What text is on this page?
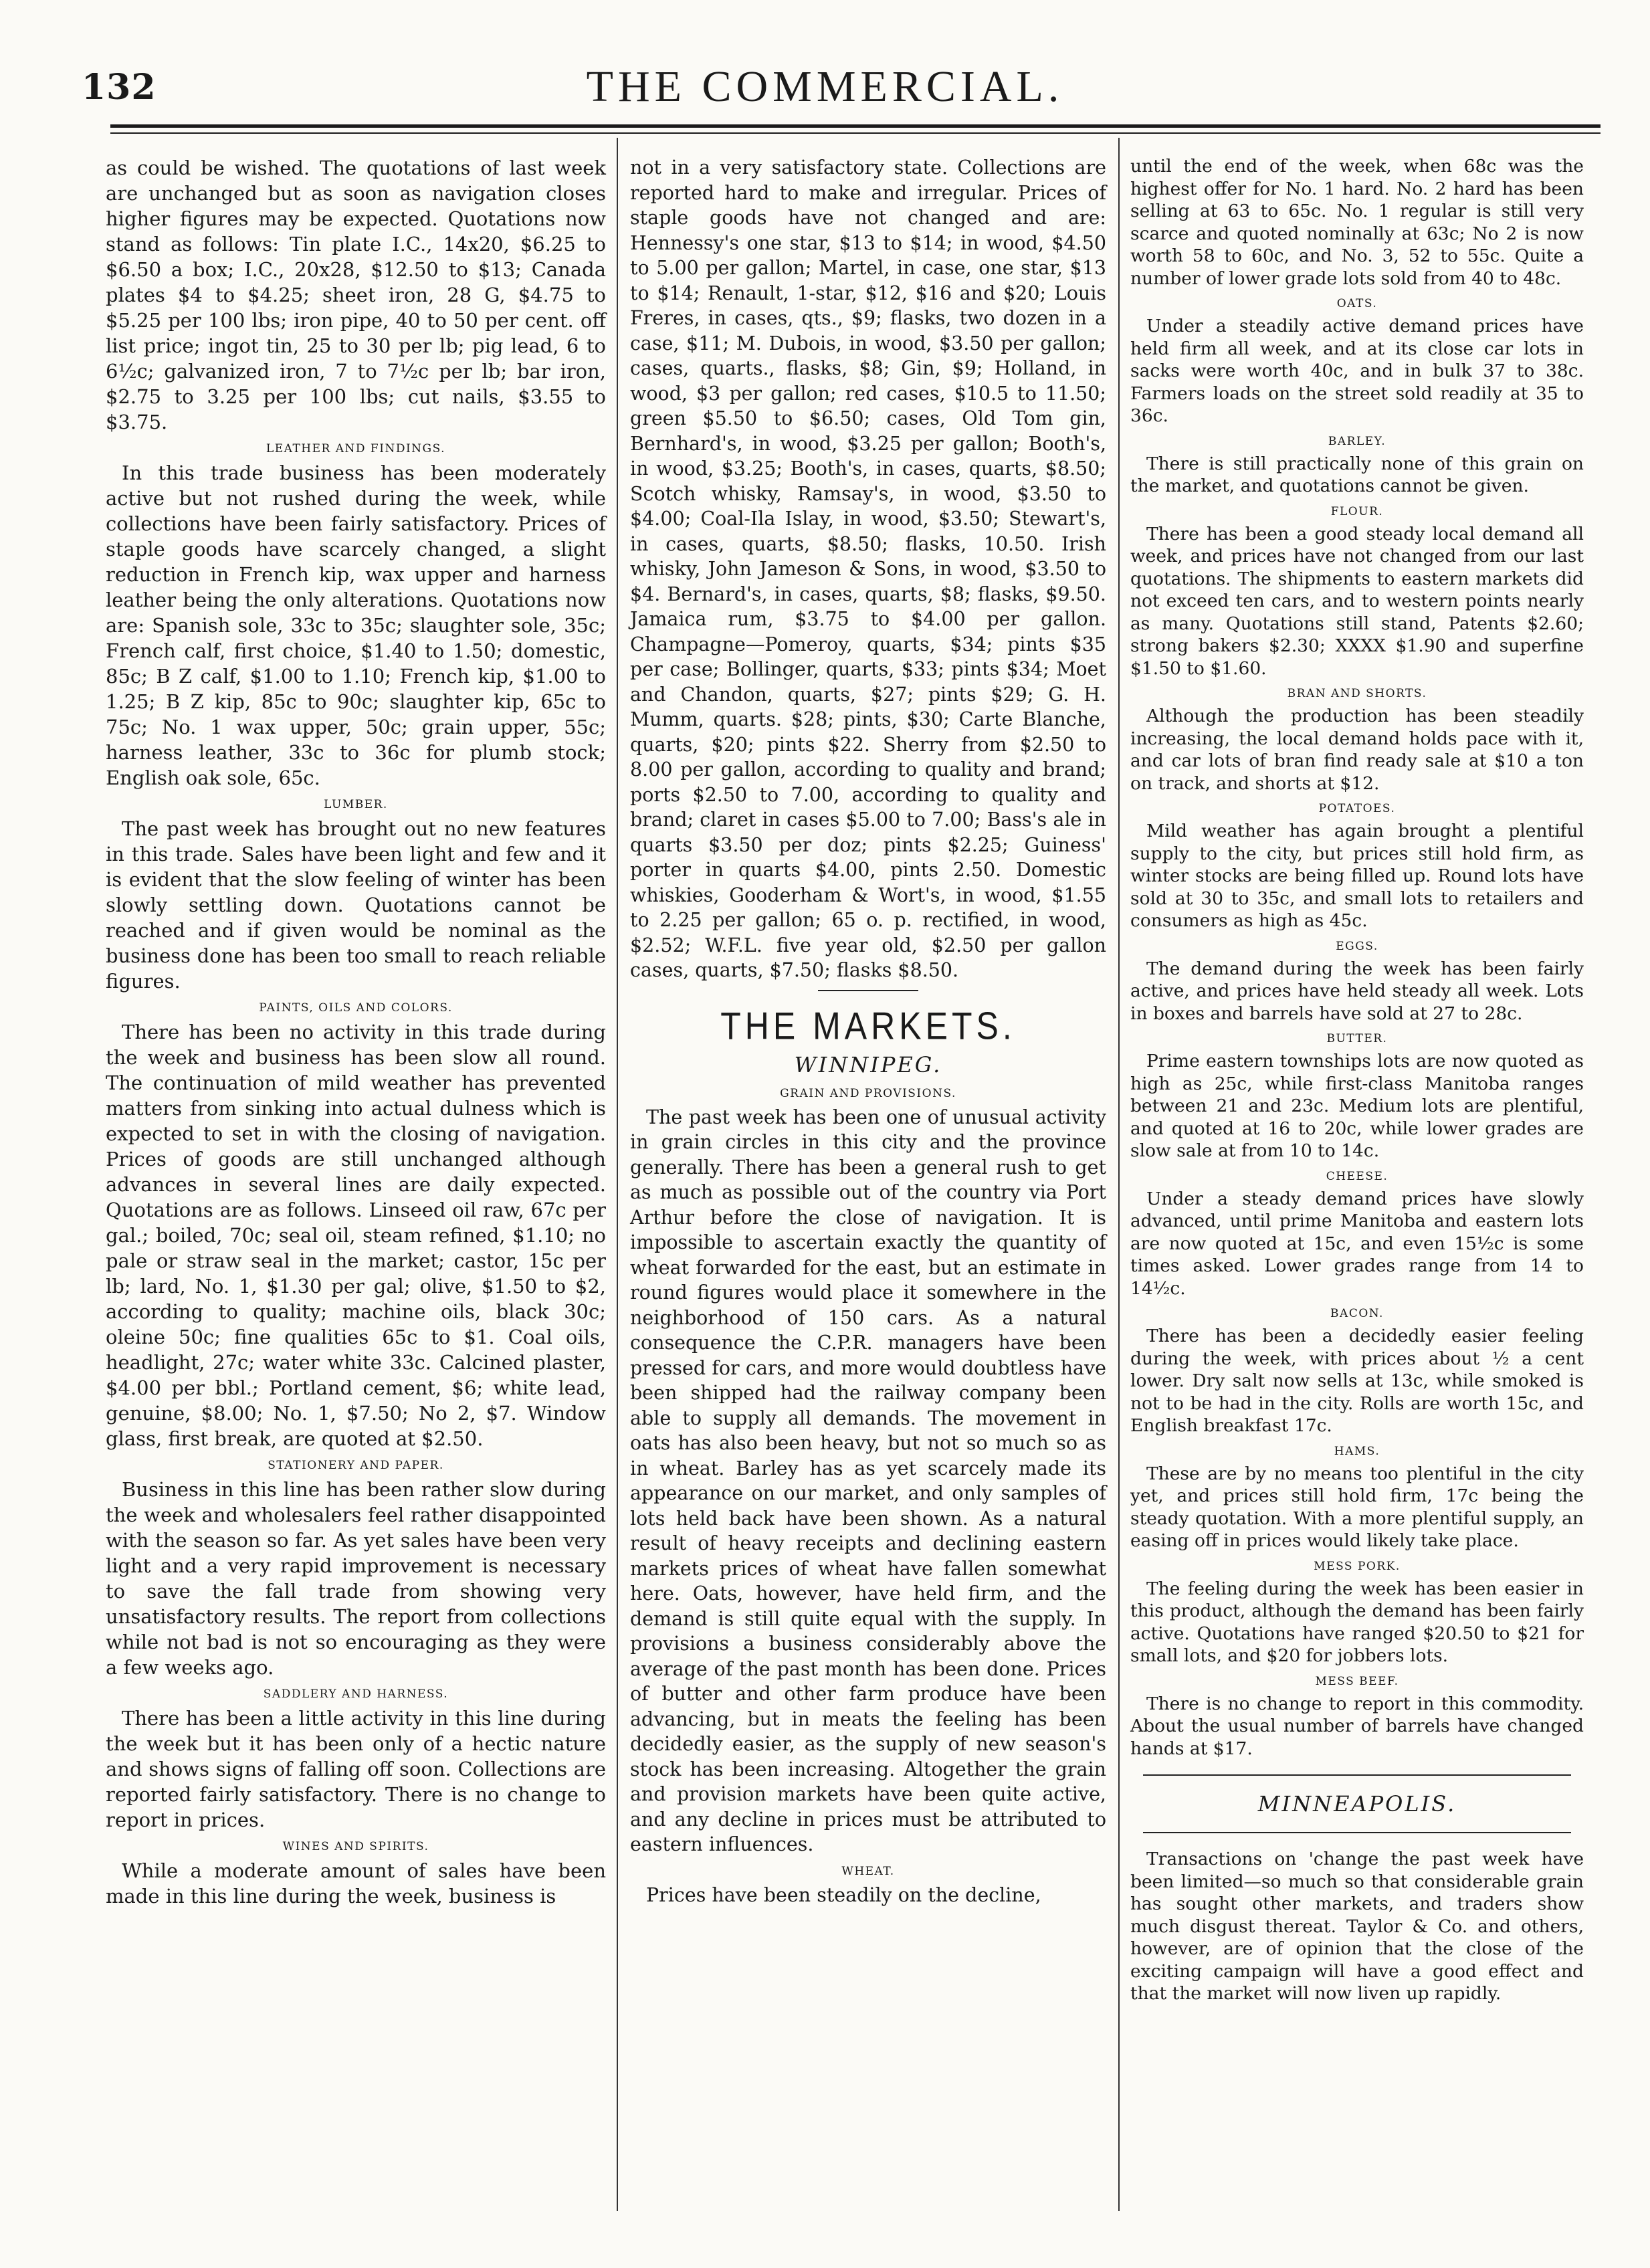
132	THE COMMERCIAL.

as could be wished. The quotations of last week are unchanged but as soon as navigation closes higher figures may be expected. Quotations now stand as follows: Tin plate I.C., 14x20, $6.25 to $6.50 a box; I.C., 20x28, $12.50 to $13; Canada plates $4 to $4.25; sheet iron, 28 G, $4.75 to $5.25 per 100 lbs; iron pipe, 40 to 50 per cent. off list price; ingot tin, 25 to 30 per lb; pig lead, 6 to 6½c; galvanized iron, 7 to 7½c per lb; bar iron, $2.75 to 3.25 per 100 lbs; cut nails, $3.55 to $3.75.

LEATHER AND FINDINGS.

In this trade business has been moderately active but not rushed during the week, while collections have been fairly satisfactory. Prices of staple goods have scarcely changed, a slight reduction in French kip, wax upper and harness leather being the only alterations. Quotations now are: Spanish sole, 33c to 35c; slaughter sole, 35c; French calf, first choice, $1.40 to 1.50; domestic, 85c; B Z calf, $1.00 to 1.10; French kip, $1.00 to 1.25; B Z kip, 85c to 90c; slaughter kip, 65c to 75c; No. 1 wax upper, 50c; grain upper, 55c; harness leather, 33c to 36c for plumb stock; English oak sole, 65c.

LUMBER.

The past week has brought out no new features in this trade. Sales have been light and few and it is evident that the slow feeling of winter has been slowly settling down. Quotations cannot be reached and if given would be nominal as the business done has been too small to reach reliable figures.

PAINTS, OILS AND COLORS.

There has been no activity in this trade during the week and business has been slow all round. The continuation of mild weather has prevented matters from sinking into actual dulness which is expected to set in with the closing of navigation. Prices of goods are still unchanged although advances in several lines are daily expected. Quotations are as follows. Linseed oil raw, 67c per gal.; boiled, 70c; seal oil, steam refined, $1.10; no pale or straw seal in the market; castor, 15c per lb; lard, No. 1, $1.30 per gal; olive, $1.50 to $2, according to quality; machine oils, black 30c; oleine 50c; fine qualities 65c to $1. Coal oils, headlight, 27c; water white 33c. Calcined plaster, $4.00 per bbl.; Portland cement, $6; white lead, genuine, $8.00; No. 1, $7.50; No 2, $7. Window glass, first break, are quoted at $2.50.

STATIONERY AND PAPER.

Business in this line has been rather slow during the week and wholesalers feel rather disappointed with the season so far. As yet sales have been very light and a very rapid improvement is necessary to save the fall trade from showing very unsatisfactory results. The report from collections while not bad is not so encouraging as they were a few weeks ago.

SADDLERY AND HARNESS.

There has been a little activity in this line during the week but it has been only of a hectic nature and shows signs of falling off soon. Collections are reported fairly satisfactory. There is no change to report in prices.

WINES AND SPIRITS.

While a moderate amount of sales have been made in this line during the week, business is

not in a very satisfactory state. Collections are reported hard to make and irregular. Prices of staple goods have not changed and are: Hennessy's one star, $13 to $14; in wood, $4.50 to 5.00 per gallon; Martel, in case, one star, $13 to $14; Renault, 1-star, $12, $16 and $20; Louis Freres, in cases, qts., $9; flasks, two dozen in a case, $11; M. Dubois, in wood, $3.50 per gallon; cases, quarts., flasks, $8; Gin, $9; Holland, in wood, $3 per gallon; red cases, $10.5 to 11.50; green $5.50 to $6.50; cases, Old Tom gin, Bernhard's, in wood, $3.25 per gallon; Booth's, in wood, $3.25; Booth's, in cases, quarts, $8.50; Scotch whisky, Ramsay's, in wood, $3.50 to $4.00; Coal-Ila Islay, in wood, $3.50; Stewart's, in cases, quarts, $8.50; flasks, 10.50. Irish whisky, John Jameson & Sons, in wood, $3.50 to $4. Bernard's, in cases, quarts, $8; flasks, $9.50. Jamaica rum, $3.75 to $4.00 per gallon. Champagne—Pomeroy, quarts, $34; pints $35 per case; Bollinger, quarts, $33; pints $34; Moet and Chandon, quarts, $27; pints $29; G. H. Mumm, quarts. $28; pints, $30; Carte Blanche, quarts, $20; pints $22. Sherry from $2.50 to 8.00 per gallon, according to quality and brand; ports $2.50 to 7.00, according to quality and brand; claret in cases $5.00 to 7.00; Bass's ale in quarts $3.50 per doz; pints $2.25; Guiness' porter in quarts $4.00, pints 2.50. Domestic whiskies, Gooderham & Wort's, in wood, $1.55 to 2.25 per gallon; 65 o. p. rectified, in wood, $2.52; W.F.L. five year old, $2.50 per gallon cases, quarts, $7.50; flasks $8.50.

THE MARKETS.
WINNIPEG.
GRAIN AND PROVISIONS.

The past week has been one of unusual activity in grain circles in this city and the province generally. There has been a general rush to get as much as possible out of the country via Port Arthur before the close of navigation. It is impossible to ascertain exactly the quantity of wheat forwarded for the east, but an estimate in round figures would place it somewhere in the neighborhood of 150 cars. As a natural consequence the C.P.R. managers have been pressed for cars, and more would doubtless have been shipped had the railway company been able to supply all demands. The movement in oats has also been heavy, but not so much so as in wheat. Barley has as yet scarcely made its appearance on our market, and only samples of lots held back have been shown. As a natural result of heavy receipts and declining eastern markets prices of wheat have fallen somewhat here. Oats, however, have held firm, and the demand is still quite equal with the supply. In provisions a business considerably above the average of the past month has been done. Prices of butter and other farm produce have been advancing, but in meats the feeling has been decidedly easier, as the supply of new season's stock has been increasing. Altogether the grain and provision markets have been quite active, and any decline in prices must be attributed to eastern influences.

WHEAT.

Prices have been steadily on the decline,

until the end of the week, when 68c was the highest offer for No. 1 hard. No. 2 hard has been selling at 63 to 65c. No. 1 regular is still very scarce and quoted nominally at 63c; No 2 is now worth 58 to 60c, and No. 3, 52 to 55c. Quite a number of lower grade lots sold from 40 to 48c.

OATS.

Under a steadily active demand prices have held firm all week, and at its close car lots in sacks were worth 40c, and in bulk 37 to 38c. Farmers loads on the street sold readily at 35 to 36c.

BARLEY.

There is still practically none of this grain on the market, and quotations cannot be given.

FLOUR.

There has been a good steady local demand all week, and prices have not changed from our last quotations. The shipments to eastern markets did not exceed ten cars, and to western points nearly as many. Quotations still stand, Patents $2.60; strong bakers $2.30; XXXX $1.90 and superfine $1.50 to $1.60.

BRAN AND SHORTS.

Although the production has been steadily increasing, the local demand holds pace with it, and car lots of bran find ready sale at $10 a ton on track, and shorts at $12.

POTATOES.

Mild weather has again brought a plentiful supply to the city, but prices still hold firm, as winter stocks are being filled up. Round lots have sold at 30 to 35c, and small lots to retailers and consumers as high as 45c.

EGGS.

The demand during the week has been fairly active, and prices have held steady all week. Lots in boxes and barrels have sold at 27 to 28c.

BUTTER.

Prime eastern townships lots are now quoted as high as 25c, while first-class Manitoba ranges between 21 and 23c. Medium lots are plentiful, and quoted at 16 to 20c, while lower grades are slow sale at from 10 to 14c.

CHEESE.

Under a steady demand prices have slowly advanced, until prime Manitoba and eastern lots are now quoted at 15c, and even 15½c is some times asked. Lower grades range from 14 to 14½c.

BACON.

There has been a decidedly easier feeling during the week, with prices about ½ a cent lower. Dry salt now sells at 13c, while smoked is not to be had in the city. Rolls are worth 15c, and English breakfast 17c.

HAMS.

These are by no means too plentiful in the city yet, and prices still hold firm, 17c being the steady quotation. With a more plentiful supply, an easing off in prices would likely take place.

MESS PORK.

The feeling during the week has been easier in this product, although the demand has been fairly active. Quotations have ranged $20.50 to $21 for small lots, and $20 for jobbers lots.

MESS BEEF.

There is no change to report in this commodity. About the usual number of barrels have changed hands at $17.

MINNEAPOLIS.

Transactions on 'change the past week have been limited—so much so that considerable grain has sought other markets, and traders show much disgust thereat. Taylor & Co. and others, however, are of opinion that the close of the exciting campaign will have a good effect and that the market will now liven up rapidly.
